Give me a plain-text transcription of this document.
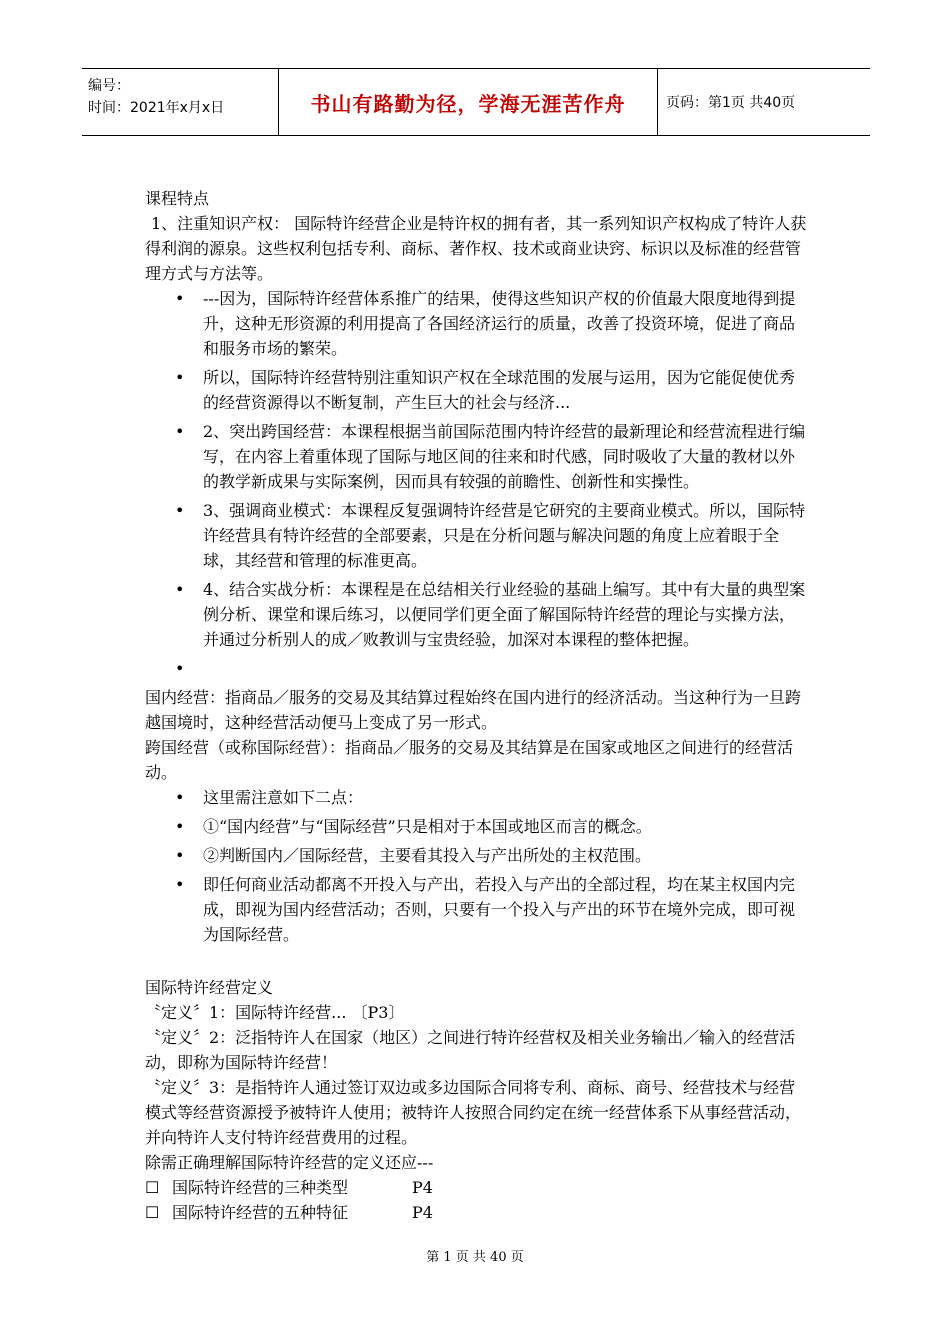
编号：
时间：2021年x月x日	书山有路勤为径，学海无涯苦作舟	页码：第1页 共40页

课程特点

1、注重知识产权： 国际特许经营企业是特许权的拥有者，其一系列知识产权构成了特许人获得利润的源泉。这些权利包括专利、商标、著作权、技术或商业诀窍、标识以及标准的经营管理方式与方法等。

• ---因为，国际特许经营体系推广的结果，使得这些知识产权的价值最大限度地得到提升，这种无形资源的利用提高了各国经济运行的质量，改善了投资环境，促进了商品和服务市场的繁荣。
• 所以，国际特许经营特别注重知识产权在全球范围的发展与运用，因为它能促使优秀的经营资源得以不断复制，产生巨大的社会与经济...
• 2、突出跨国经营：本课程根据当前国际范围内特许经营的最新理论和经营流程进行编写，在内容上着重体现了国际与地区间的往来和时代感，同时吸收了大量的教材以外的教学新成果与实际案例，因而具有较强的前瞻性、创新性和实操性。
• 3、强调商业模式：本课程反复强调特许经营是它研究的主要商业模式。所以，国际特许经营具有特许经营的全部要素，只是在分析问题与解决问题的角度上应着眼于全球，其经营和管理的标准更高。
• 4、结合实战分析：本课程是在总结相关行业经验的基础上编写。其中有大量的典型案例分析、课堂和课后练习，以便同学们更全面了解国际特许经营的理论与实操方法，并通过分析别人的成／败教训与宝贵经验，加深对本课程的整体把握。
•

国内经营：指商品／服务的交易及其结算过程始终在国内进行的经济活动。当这种行为一旦跨越国境时，这种经营活动便马上变成了另一形式。

跨国经营（或称国际经营）：指商品／服务的交易及其结算是在国家或地区之间进行的经营活动。

• 这里需注意如下二点：
• ①“国内经营”与“国际经营”只是相对于本国或地区而言的概念。
• ②判断国内／国际经营，主要看其投入与产出所处的主权范围。
• 即任何商业活动都离不开投入与产出，若投入与产出的全部过程，均在某主权国内完成，即视为国内经营活动；否则，只要有一个投入与产出的环节在境外完成，即可视为国际经营。

国际特许经营定义

〝定义〞1：国际特许经营... 〔P3〕

〝定义〞2：泛指特许人在国家（地区）之间进行特许经营权及相关业务输出／输入的经营活动，即称为国际特许经营！

〝定义〞3：是指特许人通过签订双边或多边国际合同将专利、商标、商号、经营技术与经营模式等经营资源授予被特许人使用；被特许人按照合同约定在统一经营体系下从事经营活动，并向特许人支付特许经营费用的过程。

除需正确理解国际特许经营的定义还应---

☐ 国际特许经营的三种类型	P4
☐ 国际特许经营的五种特征	P4
第 1 页 共 40 页
